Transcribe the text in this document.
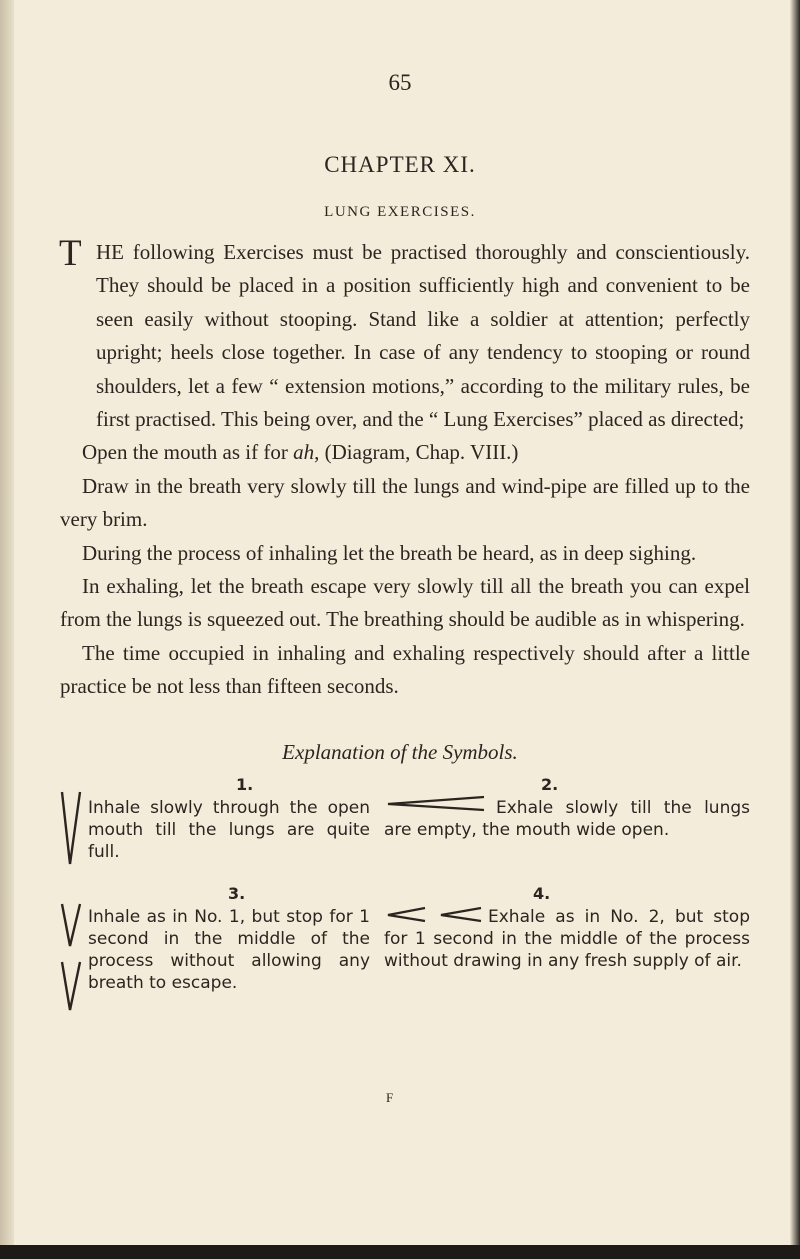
65
CHAPTER XI.
LUNG EXERCISES.
T HE following Exercises must be practised thoroughly and conscientiously. They should be placed in a position sufficiently high and convenient to be seen easily without stooping. Stand like a soldier at attention; perfectly upright; heels close together. In case of any tendency to stooping or round shoulders, let a few “ extension motions,” according to the military rules, be first practised. This being over, and the “ Lung Exercises” placed as directed;

Open the mouth as if for ah, (Diagram, Chap. VIII.)

Draw in the breath very slowly till the lungs and wind-pipe are filled up to the very brim.

During the process of inhaling let the breath be heard, as in deep sighing.

In exhaling, let the breath escape very slowly till all the breath you can expel from the lungs is squeezed out. The breathing should be audible as in whispering.

The time occupied in inhaling and exhaling respectively should after a little practice be not less than fifteen seconds.

Explanation of the Symbols.
1.
Inhale slowly through the open mouth till the lungs are quite full.
2.
Exhale slowly till the lungs are empty, the mouth wide open.
3.
Inhale as in No. 1, but stop for 1 second in the middle of the process without allowing any breath to escape.
4.
Exhale as in No. 2, but stop for 1 second in the middle of the process without drawing in any fresh supply of air.
F
